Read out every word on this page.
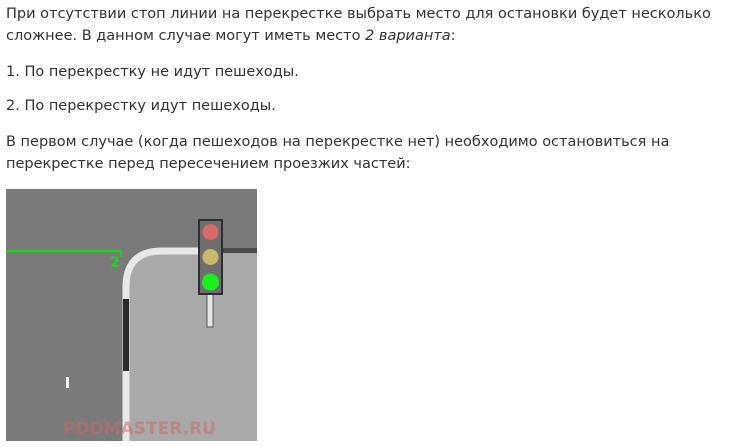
При отсутствии стоп линии на перекрестке выбрать место для остановки будет несколько
сложнее. В данном случае могут иметь место 2 варианта:

1. По перекрестку не идут пешеходы.

2. По перекрестку идут пешеходы.

В первом случае (когда пешеходов на перекрестке нет) необходимо остановиться на
перекрестке перед пересечением проезжих частей:

2
PDDMASTER.RU
